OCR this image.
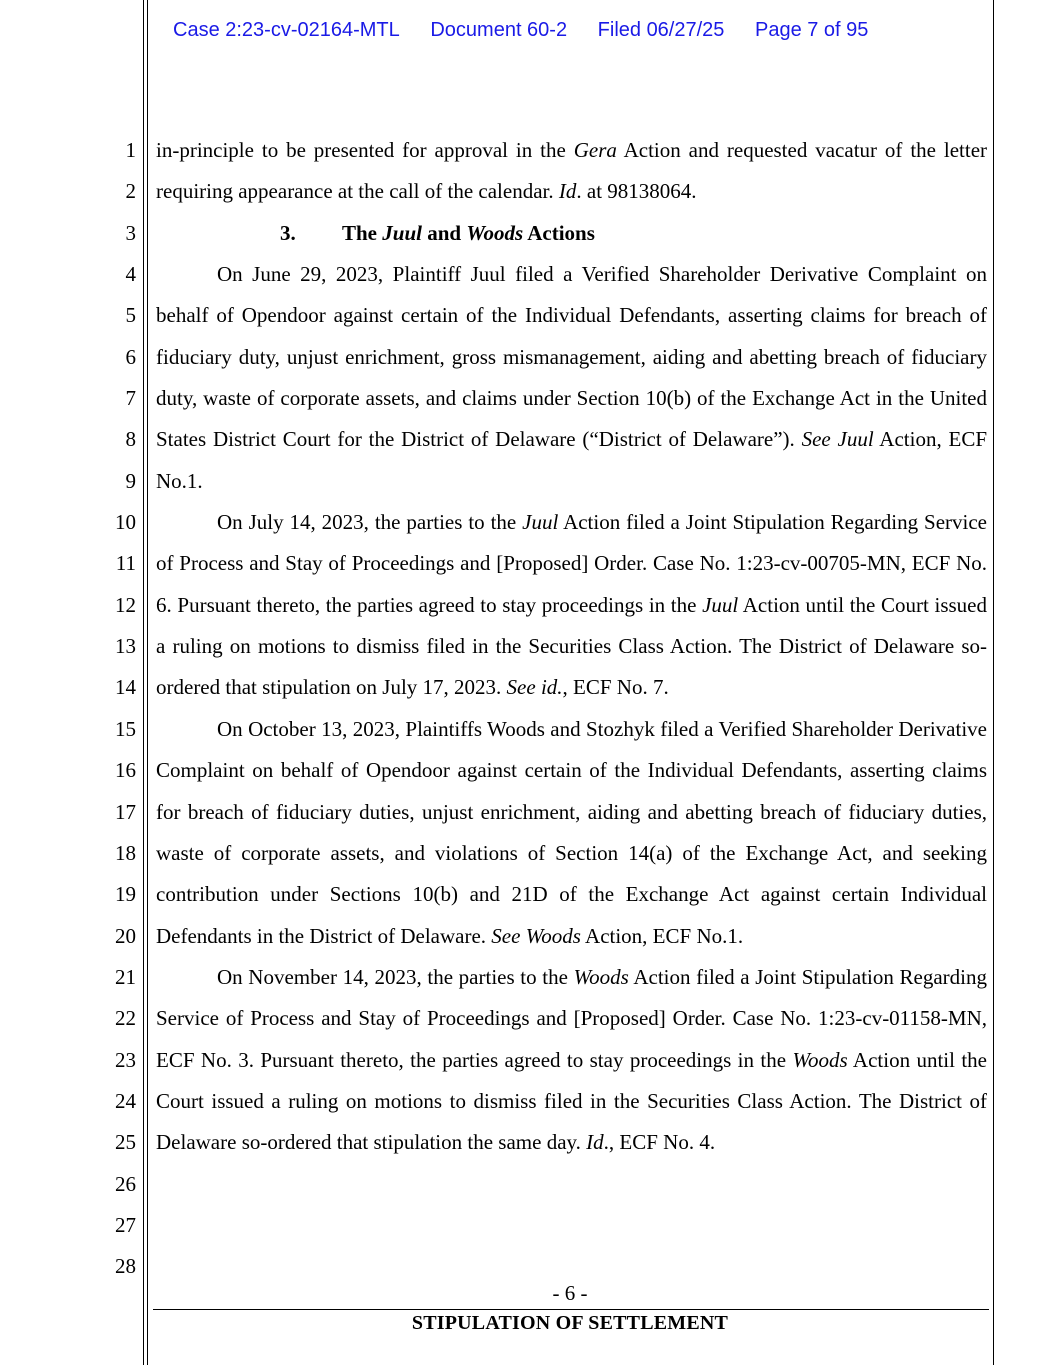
Case 2:23-cv-02164-MTL Document 60-2 Filed 06/27/25 Page 7 of 95
1
2
3
4
5
6
7
8
9
10
11
12
13
14
15
16
17
18
19
20
21
22
23
24
25
26
27
28

in-principle to be presented for approval in the Gera Action and requested vacatur of the letter requiring appearance at the call of the calendar. Id. at 98138064.

3. The Juul and Woods Actions

On June 29, 2023, Plaintiff Juul filed a Verified Shareholder Derivative Complaint on behalf of Opendoor against certain of the Individual Defendants, asserting claims for breach of fiduciary duty, unjust enrichment, gross mismanagement, aiding and abetting breach of fiduciary duty, waste of corporate assets, and claims under Section 10(b) of the Exchange Act in the United States District Court for the District of Delaware (“District of Delaware”). See Juul Action, ECF No.1.

On July 14, 2023, the parties to the Juul Action filed a Joint Stipulation Regarding Service of Process and Stay of Proceedings and [Proposed] Order. Case No. 1:23-cv-00705-MN, ECF No. 6. Pursuant thereto, the parties agreed to stay proceedings in the Juul Action until the Court issued a ruling on motions to dismiss filed in the Securities Class Action. The District of Delaware so-ordered that stipulation on July 17, 2023. See id., ECF No. 7.

On October 13, 2023, Plaintiffs Woods and Stozhyk filed a Verified Shareholder Derivative Complaint on behalf of Opendoor against certain of the Individual Defendants, asserting claims for breach of fiduciary duties, unjust enrichment, aiding and abetting breach of fiduciary duties, waste of corporate assets, and violations of Section 14(a) of the Exchange Act, and seeking contribution under Sections 10(b) and 21D of the Exchange Act against certain Individual Defendants in the District of Delaware. See Woods Action, ECF No.1.

On November 14, 2023, the parties to the Woods Action filed a Joint Stipulation Regarding Service of Process and Stay of Proceedings and [Proposed] Order. Case No. 1:23-cv-01158-MN, ECF No. 3. Pursuant thereto, the parties agreed to stay proceedings in the Woods Action until the Court issued a ruling on motions to dismiss filed in the Securities Class Action. The District of Delaware so-ordered that stipulation the same day. Id., ECF No. 4.

- 6 -
STIPULATION OF SETTLEMENT
